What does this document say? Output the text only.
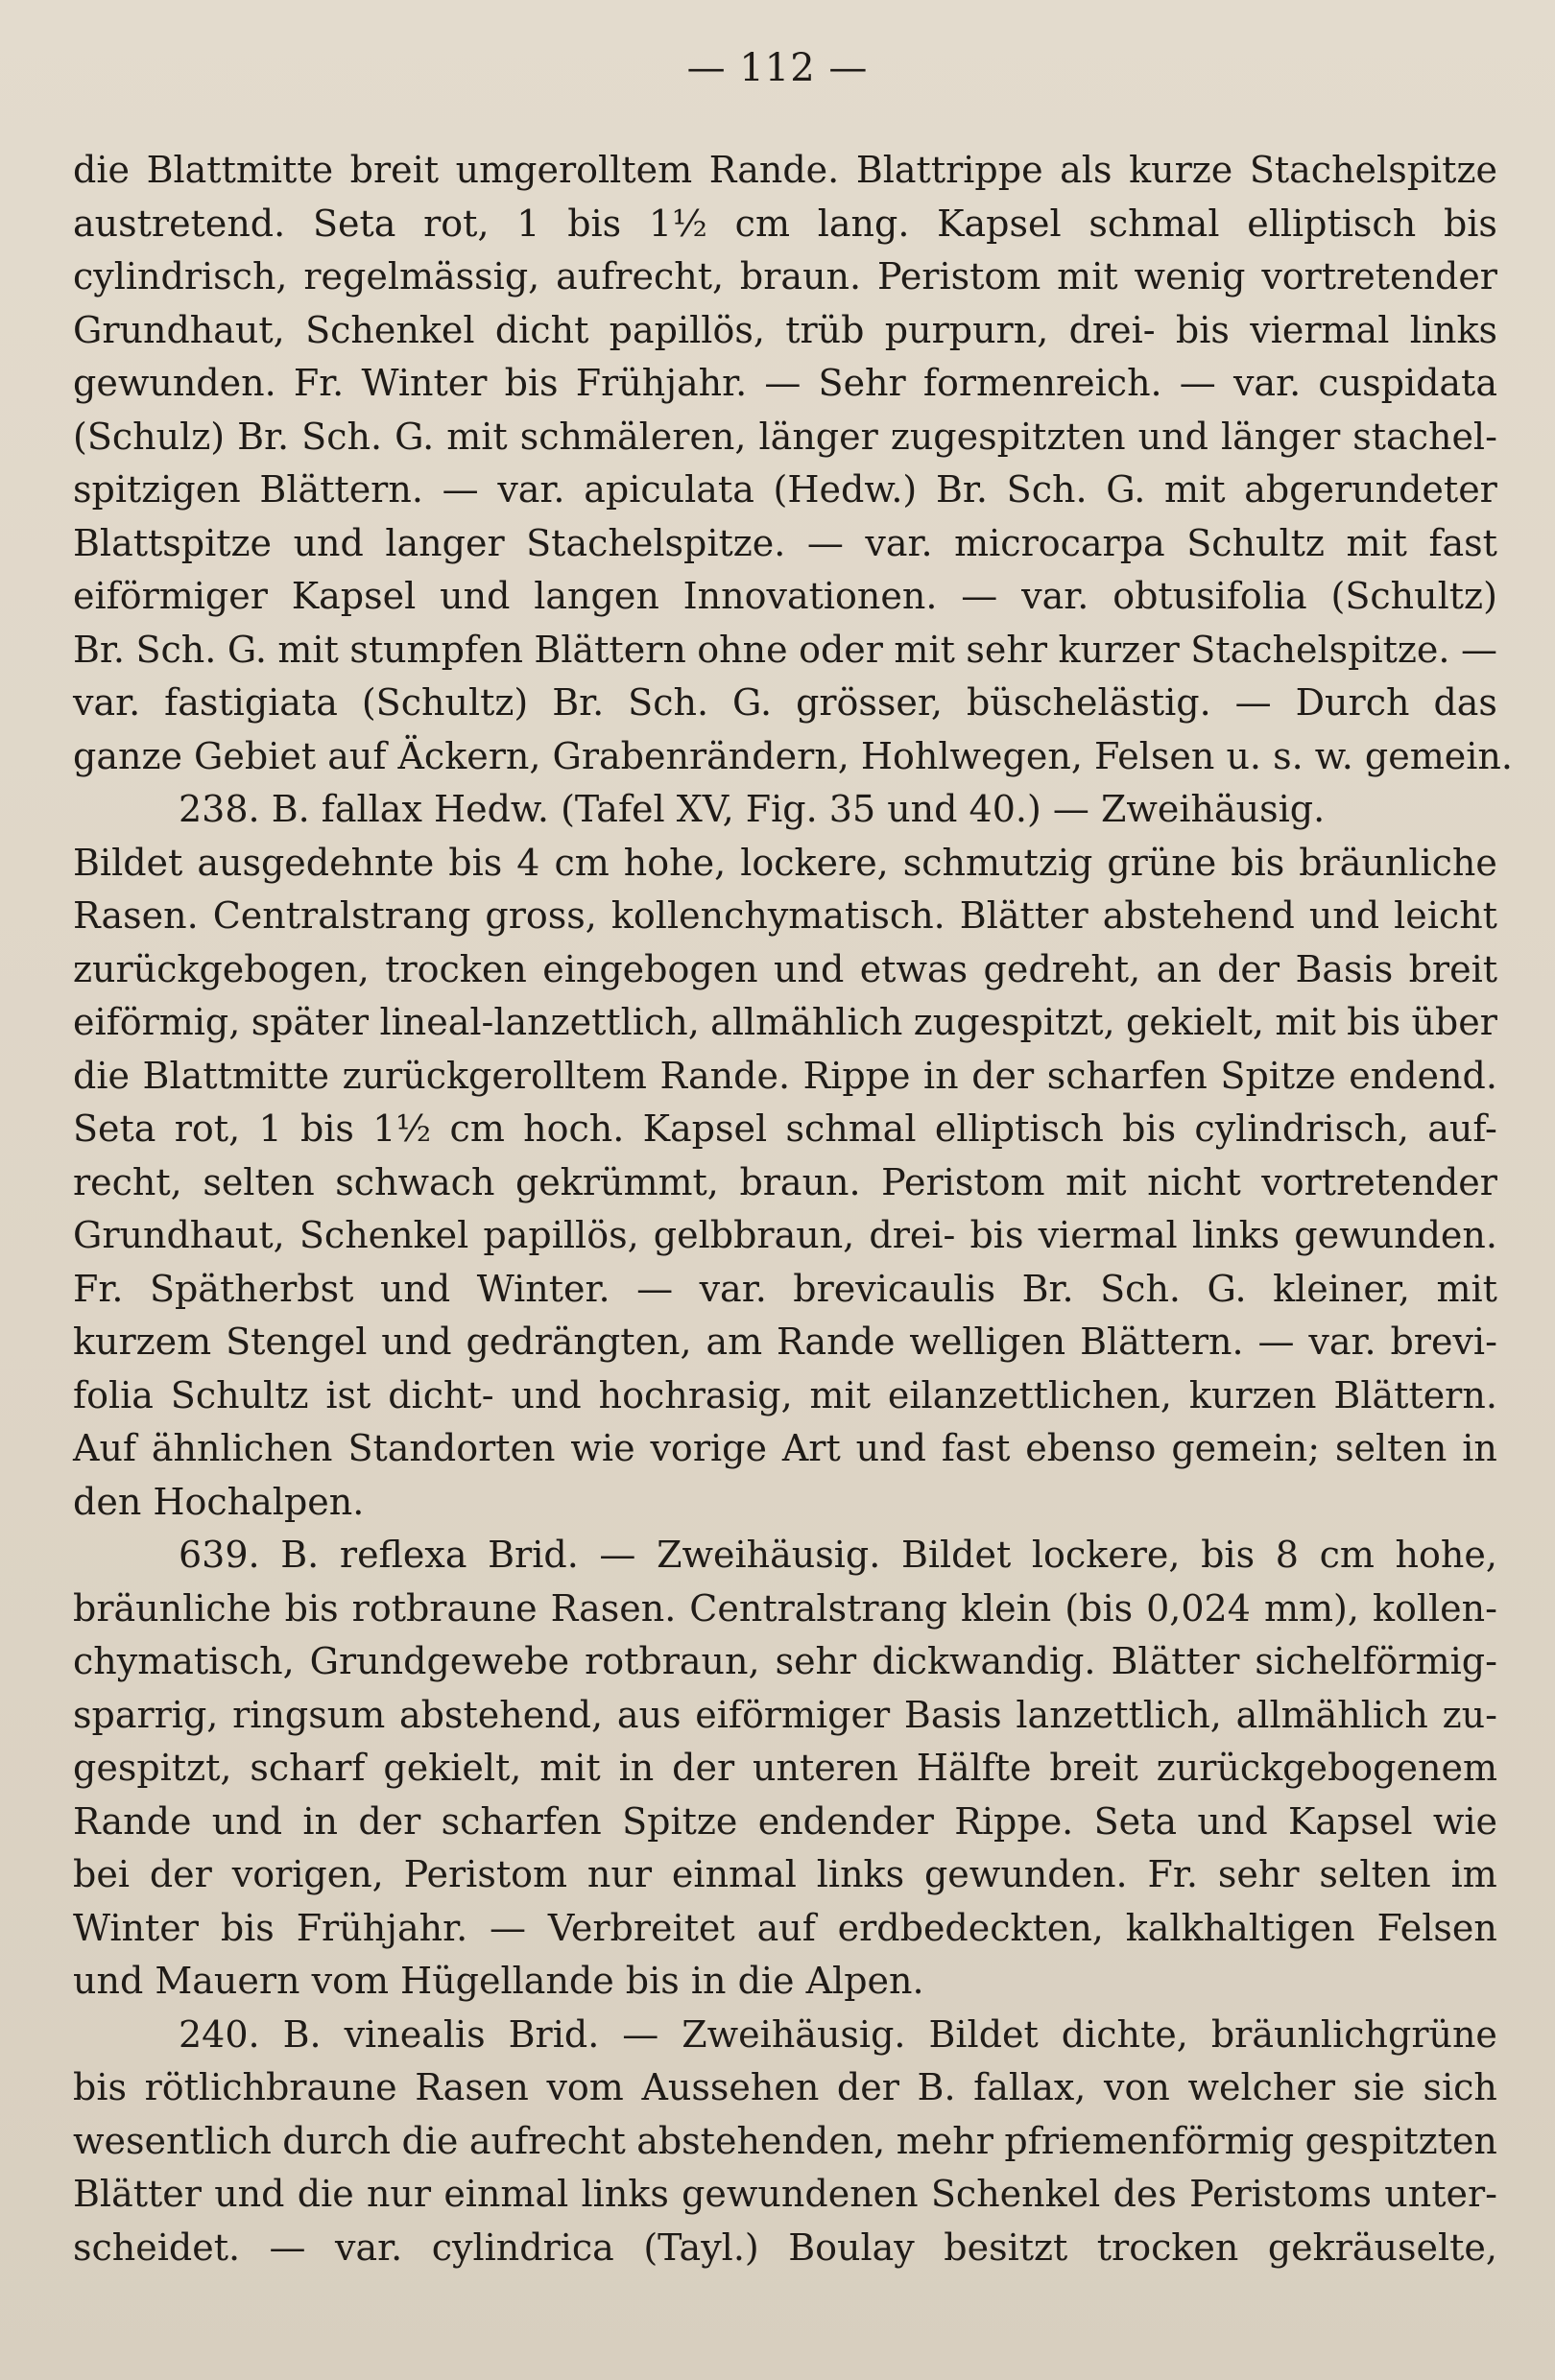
— 112 —
die Blattmitte breit umgerolltem Rande. Blattrippe als kurze Stachelspitze
austretend. Seta rot, 1 bis 1½ cm lang. Kapsel schmal elliptisch bis
cylindrisch, regelmässig, aufrecht, braun. Peristom mit wenig vortretender
Grundhaut, Schenkel dicht papillös, trüb purpurn, drei- bis viermal links
gewunden. Fr. Winter bis Frühjahr. — Sehr formenreich. — var. cuspidata
(Schulz) Br. Sch. G. mit schmäleren, länger zugespitzten und länger stachel-
spitzigen Blättern. — var. apiculata (Hedw.) Br. Sch. G. mit abgerundeter
Blattspitze und langer Stachelspitze. — var. microcarpa Schultz mit fast
eiförmiger Kapsel und langen Innovationen. — var. obtusifolia (Schultz)
Br. Sch. G. mit stumpfen Blättern ohne oder mit sehr kurzer Stachelspitze. —
var. fastigiata (Schultz) Br. Sch. G. grösser, büschelästig. — Durch das
ganze Gebiet auf Äckern, Grabenrändern, Hohlwegen, Felsen u. s. w. gemein.
238. B. fallax Hedw. (Tafel XV, Fig. 35 und 40.) — Zweihäusig.
Bildet ausgedehnte bis 4 cm hohe, lockere, schmutzig grüne bis bräunliche
Rasen. Centralstrang gross, kollenchymatisch. Blätter abstehend und leicht
zurückgebogen, trocken eingebogen und etwas gedreht, an der Basis breit
eiförmig, später lineal-lanzettlich, allmählich zugespitzt, gekielt, mit bis über
die Blattmitte zurückgerolltem Rande. Rippe in der scharfen Spitze endend.
Seta rot, 1 bis 1½ cm hoch. Kapsel schmal elliptisch bis cylindrisch, auf-
recht, selten schwach gekrümmt, braun. Peristom mit nicht vortretender
Grundhaut, Schenkel papillös, gelbbraun, drei- bis viermal links gewunden.
Fr. Spätherbst und Winter. — var. brevicaulis Br. Sch. G. kleiner, mit
kurzem Stengel und gedrängten, am Rande welligen Blättern. — var. brevi-
folia Schultz ist dicht- und hochrasig, mit eilanzettlichen, kurzen Blättern.
Auf ähnlichen Standorten wie vorige Art und fast ebenso gemein; selten in
den Hochalpen.
639. B. reflexa Brid. — Zweihäusig. Bildet lockere, bis 8 cm hohe,
bräunliche bis rotbraune Rasen. Centralstrang klein (bis 0,024 mm), kollen-
chymatisch, Grundgewebe rotbraun, sehr dickwandig. Blätter sichelförmig-
sparrig, ringsum abstehend, aus eiförmiger Basis lanzettlich, allmählich zu-
gespitzt, scharf gekielt, mit in der unteren Hälfte breit zurückgebogenem
Rande und in der scharfen Spitze endender Rippe. Seta und Kapsel wie
bei der vorigen, Peristom nur einmal links gewunden. Fr. sehr selten im
Winter bis Frühjahr. — Verbreitet auf erdbedeckten, kalkhaltigen Felsen
und Mauern vom Hügellande bis in die Alpen.
240. B. vinealis Brid. — Zweihäusig. Bildet dichte, bräunlichgrüne
bis rötlichbraune Rasen vom Aussehen der B. fallax, von welcher sie sich
wesentlich durch die aufrecht abstehenden, mehr pfriemenförmig gespitzten
Blätter und die nur einmal links gewundenen Schenkel des Peristoms unter-
scheidet. — var. cylindrica (Tayl.) Boulay besitzt trocken gekräuselte,
